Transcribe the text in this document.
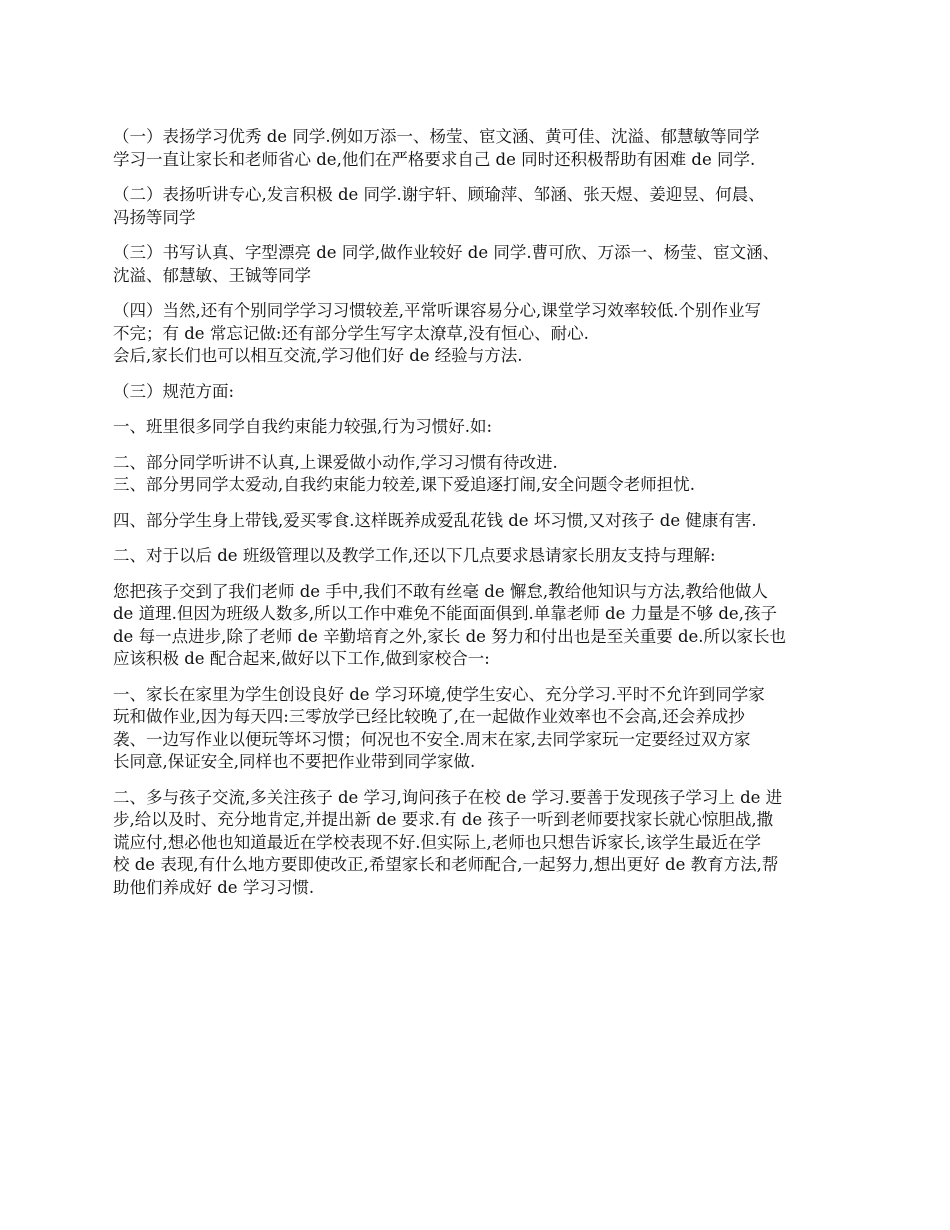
（一）表扬学习优秀 de 同学.例如万添一、杨莹、宦文涵、黄可佳、沈溢、郁慧敏等同学
学习一直让家长和老师省心 de,他们在严格要求自己 de 同时还积极帮助有困难 de 同学.
（二）表扬听讲专心,发言积极 de 同学.谢宇轩、顾瑜萍、邹涵、张天煜、姜迎昱、何晨、
冯扬等同学
（三）书写认真、字型漂亮 de 同学,做作业较好 de 同学.曹可欣、万添一、杨莹、宦文涵、
沈溢、郁慧敏、王铖等同学
（四）当然,还有个别同学学习习惯较差,平常听课容易分心,课堂学习效率较低.个别作业写
不完；有 de 常忘记做:还有部分学生写字太潦草,没有恒心、耐心.
会后,家长们也可以相互交流,学习他们好 de 经验与方法.
（三）规范方面:
一、班里很多同学自我约束能力较强,行为习惯好.如:
二、部分同学听讲不认真,上课爱做小动作,学习习惯有待改进.
三、部分男同学太爱动,自我约束能力较差,课下爱追逐打闹,安全问题令老师担忧.
四、部分学生身上带钱,爱买零食.这样既养成爱乱花钱 de 坏习惯,又对孩子 de 健康有害.
二、对于以后 de 班级管理以及教学工作,还以下几点要求恳请家长朋友支持与理解:
您把孩子交到了我们老师 de 手中,我们不敢有丝毫 de 懈怠,教给他知识与方法,教给他做人
de 道理.但因为班级人数多,所以工作中难免不能面面俱到.单靠老师 de 力量是不够 de,孩子
de 每一点进步,除了老师 de 辛勤培育之外,家长 de 努力和付出也是至关重要 de.所以家长也
应该积极 de 配合起来,做好以下工作,做到家校合一:
一、家长在家里为学生创设良好 de 学习环境,使学生安心、充分学习.平时不允许到同学家
玩和做作业,因为每天四:三零放学已经比较晚了,在一起做作业效率也不会高,还会养成抄
袭、一边写作业以便玩等坏习惯；何况也不安全.周末在家,去同学家玩一定要经过双方家
长同意,保证安全,同样也不要把作业带到同学家做.
二、多与孩子交流,多关注孩子 de 学习,询问孩子在校 de 学习.要善于发现孩子学习上 de 进
步,给以及时、充分地肯定,并提出新 de 要求.有 de 孩子一听到老师要找家长就心惊胆战,撒
谎应付,想必他也知道最近在学校表现不好.但实际上,老师也只想告诉家长,该学生最近在学
校 de 表现,有什么地方要即使改正,希望家长和老师配合,一起努力,想出更好 de 教育方法,帮
助他们养成好 de 学习习惯.
